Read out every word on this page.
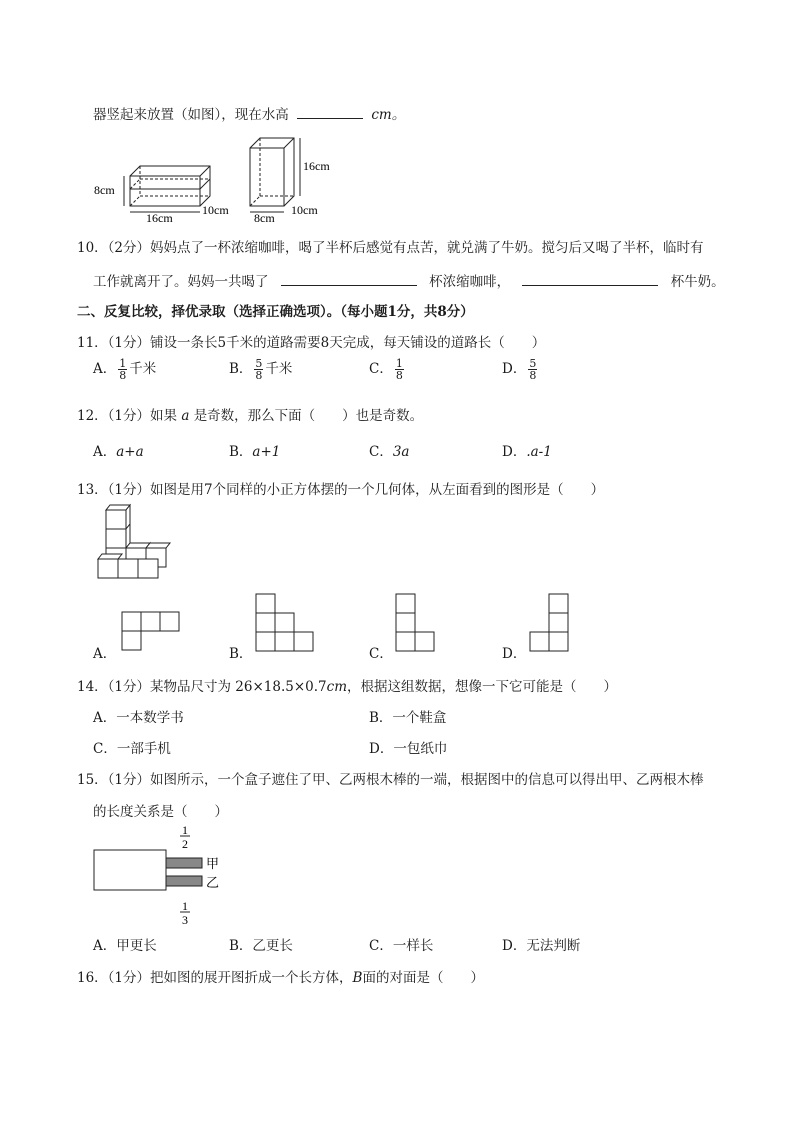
器竖起来放置（如图），现在水高	cm。
8cm
16cm
10cm
16cm
8cm
10cm
10．（2分）妈妈点了一杯浓缩咖啡，喝了半杯后感觉有点苦，就兑满了牛奶。搅匀后又喝了半杯，临时有
工作就离开了。妈妈一共喝了	杯浓缩咖啡，	杯牛奶。
二、反复比较，择优录取（选择正确选项）。（每小题1分，共8分）
11．（1分）铺设一条长5千米的道路需要8天完成，每天铺设的道路长（　　）
A． $\frac{1}{8}$ 千米	B． $\frac{5}{8}$ 千米	C． $\frac{1}{8}$	D． $\frac{5}{8}$
12．（1分）如果 a 是奇数，那么下面（　　）也是奇数。
A．a+a	B．a+1	C．3a	D．.a-1
13．（1分）如图是用7个同样的小正方体摆的一个几何体，从左面看到的图形是（　　）
A．	B．	C．	D．
14．（1分）某物品尺寸为 26×18.5×0.7cm，根据这组数据，想像一下它可能是（　　）
A．一本数学书	B．一个鞋盒
C．一部手机	D．一包纸巾
15．（1分）如图所示，一个盒子遮住了甲、乙两根木棒的一端，根据图中的信息可以得出甲、乙两根木棒
的长度关系是（　　）
1
2
甲
乙
1
3
A．甲更长	B．乙更长	C．一样长	D．无法判断
16．（1分）把如图的展开图折成一个长方体，B面的对面是（　　）
